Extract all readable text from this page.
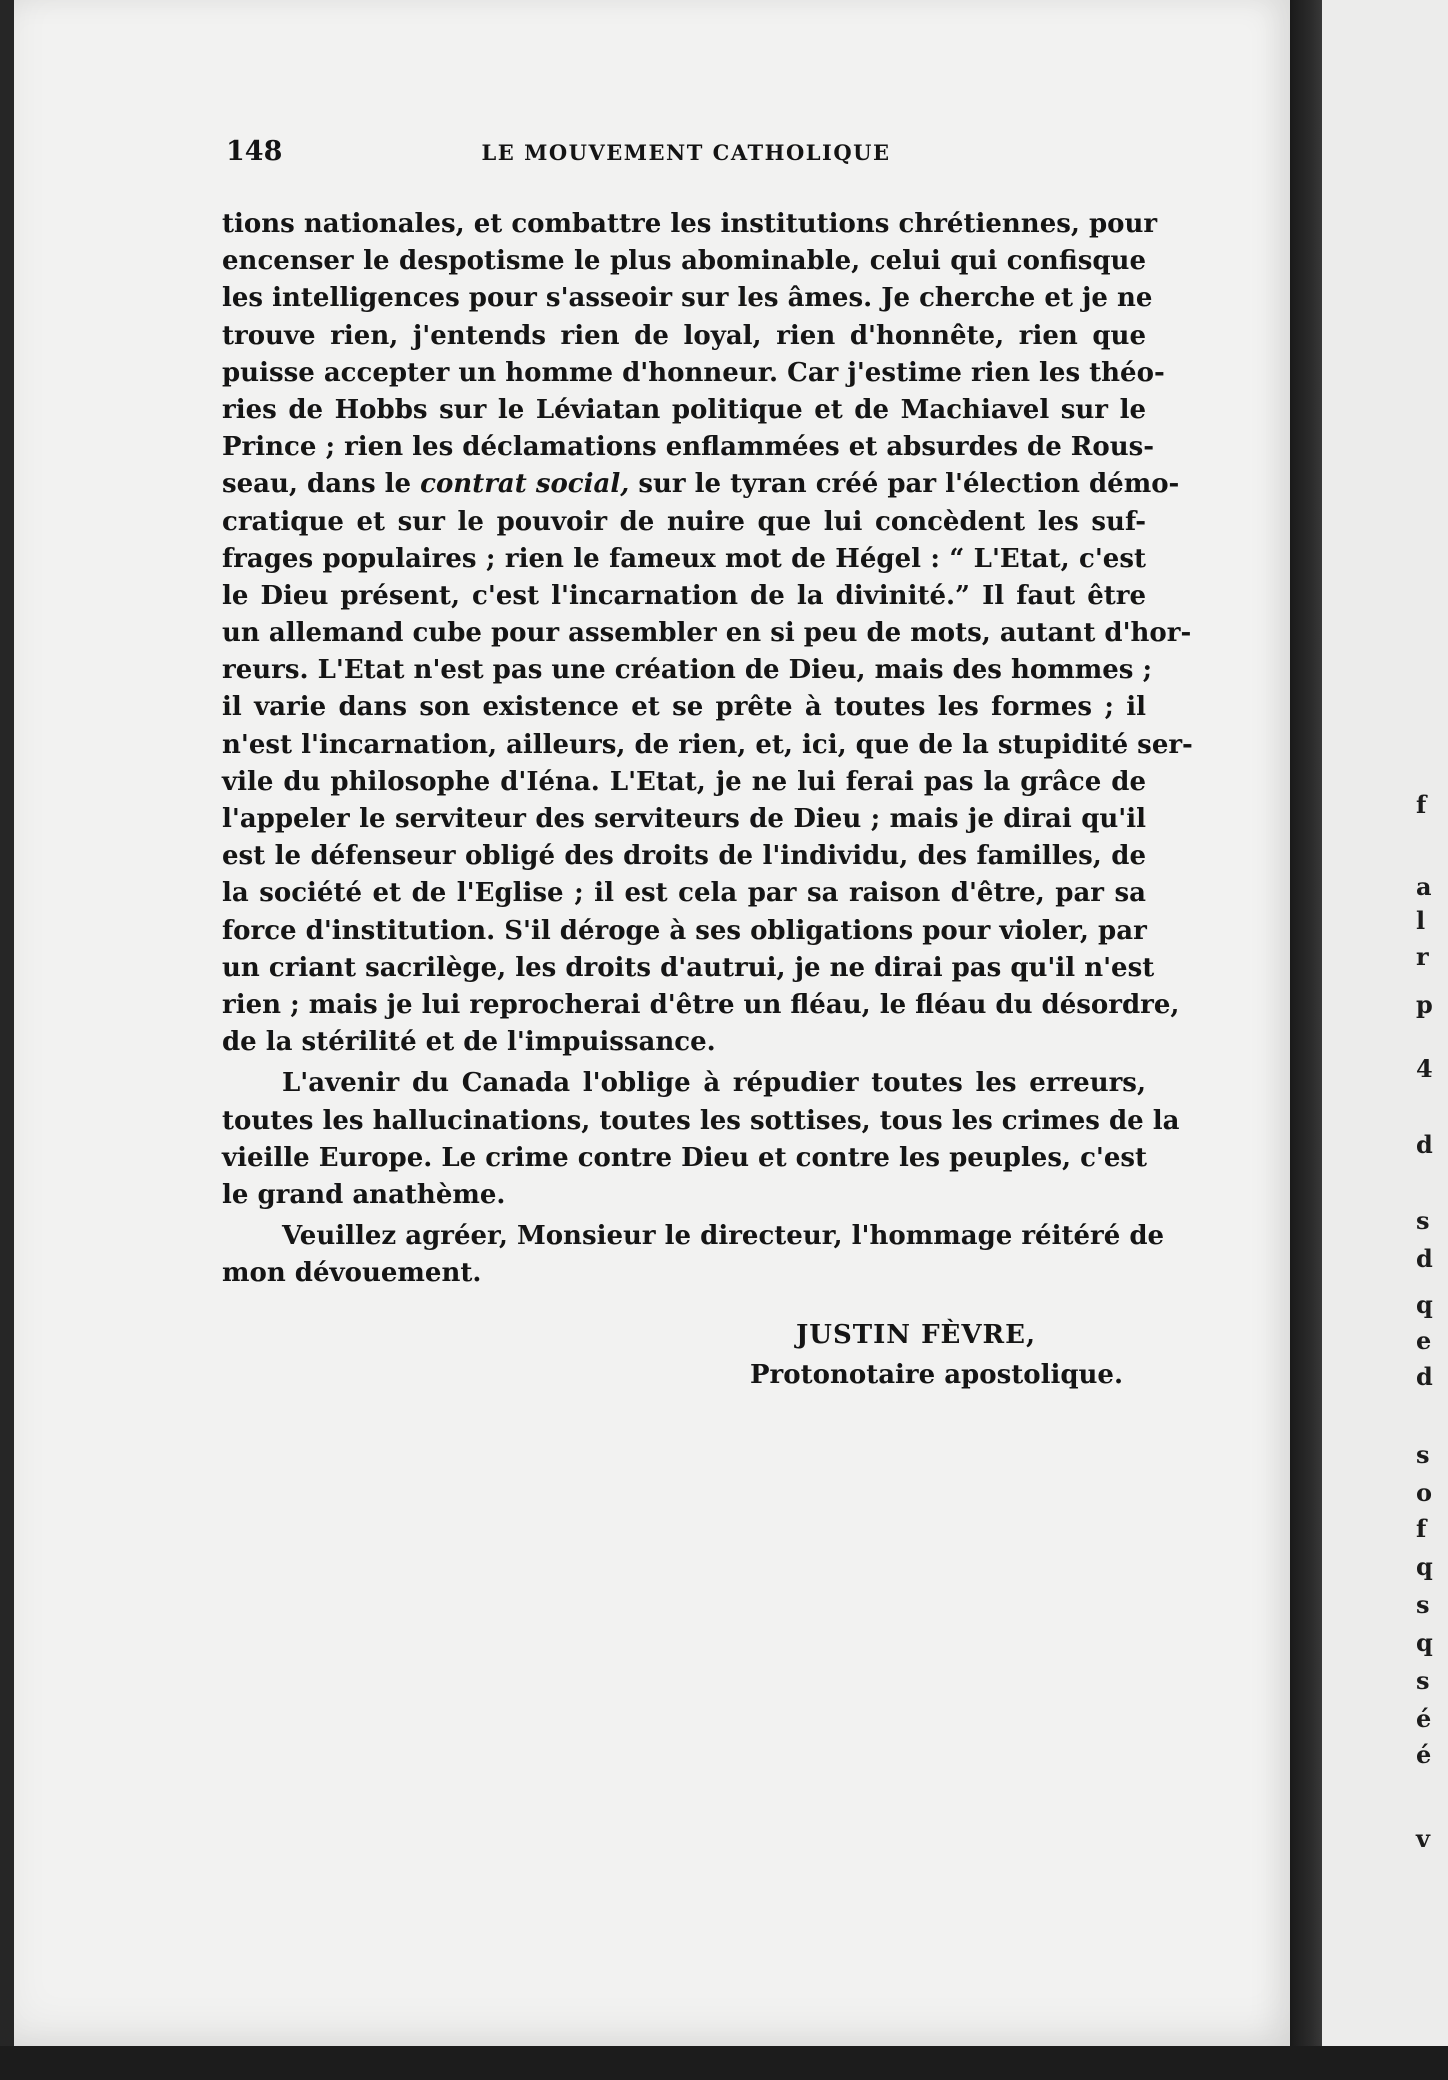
148	LE MOUVEMENT CATHOLIQUE
tions nationales, et combattre les institutions chrétiennes, pour
encenser le despotisme le plus abominable, celui qui confisque
les intelligences pour s'asseoir sur les âmes. Je cherche et je ne
trouve rien, j'entends rien de loyal, rien d'honnête, rien que
puisse accepter un homme d'honneur. Car j'estime rien les théo-
ries de Hobbs sur le Léviatan politique et de Machiavel sur le
Prince ; rien les déclamations enflammées et absurdes de Rous-
seau, dans le contrat social, sur le tyran créé par l'élection démo-
cratique et sur le pouvoir de nuire que lui concèdent les suf-
frages populaires ; rien le fameux mot de Hégel : “ L'Etat, c'est
le Dieu présent, c'est l'incarnation de la divinité.” Il faut être
un allemand cube pour assembler en si peu de mots, autant d'hor-
reurs. L'Etat n'est pas une création de Dieu, mais des hommes ;
il varie dans son existence et se prête à toutes les formes ; il
n'est l'incarnation, ailleurs, de rien, et, ici, que de la stupidité ser-
vile du philosophe d'Iéna. L'Etat, je ne lui ferai pas la grâce de
l'appeler le serviteur des serviteurs de Dieu ; mais je dirai qu'il
est le défenseur obligé des droits de l'individu, des familles, de
la société et de l'Eglise ; il est cela par sa raison d'être, par sa
force d'institution. S'il déroge à ses obligations pour violer, par
un criant sacrilège, les droits d'autrui, je ne dirai pas qu'il n'est
rien ; mais je lui reprocherai d'être un fléau, le fléau du désordre,
de la stérilité et de l'impuissance.
L'avenir du Canada l'oblige à répudier toutes les erreurs,
toutes les hallucinations, toutes les sottises, tous les crimes de la
vieille Europe. Le crime contre Dieu et contre les peuples, c'est
le grand anathème.
Veuillez agréer, Monsieur le directeur, l'hommage réitéré de
mon dévouement.
JUSTIN FÈVRE,
Protonotaire apostolique.
f
a
l
r
p
4
d
s
d
q
e
d
s
o
f
q
s
q
s
é
é
v
